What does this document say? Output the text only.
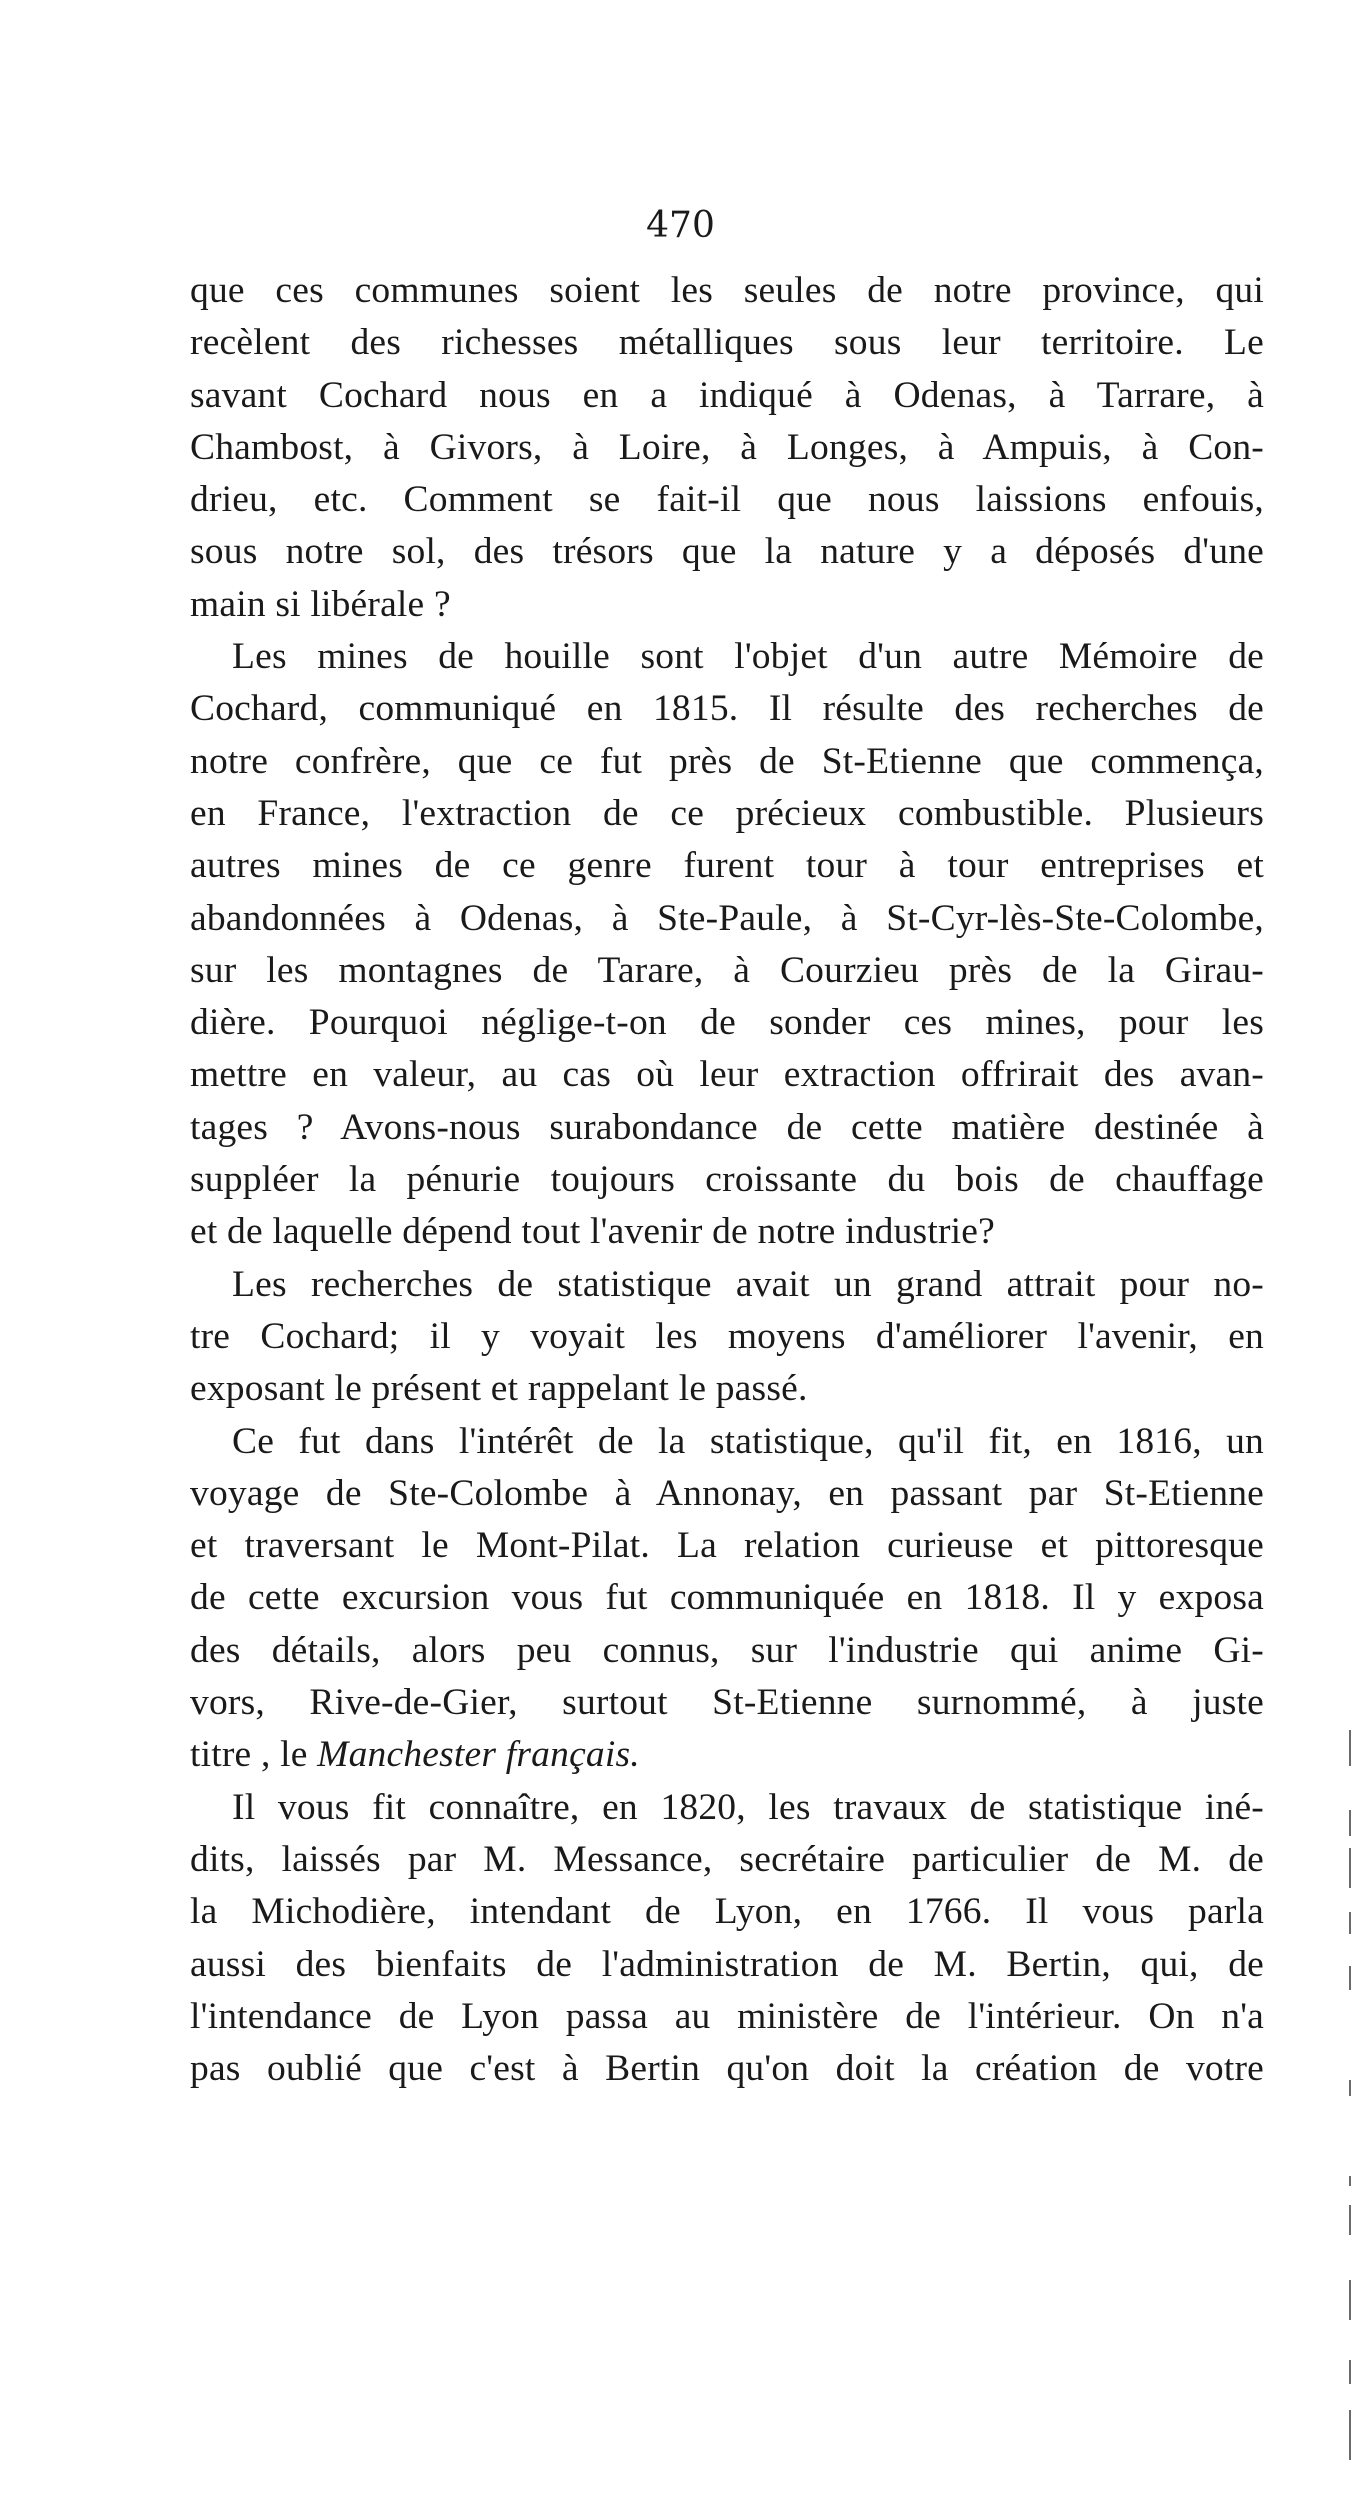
470
que ces communes soient les seules de notre province, qui
recèlent des richesses métalliques sous leur territoire. Le
savant Cochard nous en a indiqué à Odenas, à Tarrare, à
Chambost, à Givors, à Loire, à Longes, à Ampuis, à Con-
drieu, etc. Comment se fait-il que nous laissions enfouis,
sous notre sol, des trésors que la nature y a déposés d'une
main si libérale ?
Les mines de houille sont l'objet d'un autre Mémoire de
Cochard, communiqué en 1815. Il résulte des recherches de
notre confrère, que ce fut près de St-Etienne que commença,
en France, l'extraction de ce précieux combustible. Plusieurs
autres mines de ce genre furent tour à tour entreprises et
abandonnées à Odenas, à Ste-Paule, à St-Cyr-lès-Ste-Colombe,
sur les montagnes de Tarare, à Courzieu près de la Girau-
dière. Pourquoi néglige-t-on de sonder ces mines, pour les
mettre en valeur, au cas où leur extraction offrirait des avan-
tages ? Avons-nous surabondance de cette matière destinée à
suppléer la pénurie toujours croissante du bois de chauffage
et de laquelle dépend tout l'avenir de notre industrie?
Les recherches de statistique avait un grand attrait pour no-
tre Cochard; il y voyait les moyens d'améliorer l'avenir, en
exposant le présent et rappelant le passé.
Ce fut dans l'intérêt de la statistique, qu'il fit, en 1816, un
voyage de Ste-Colombe à Annonay, en passant par St-Etienne
et traversant le Mont-Pilat. La relation curieuse et pittoresque
de cette excursion vous fut communiquée en 1818. Il y exposa
des détails, alors peu connus, sur l'industrie qui anime Gi-
vors, Rive-de-Gier, surtout St-Etienne surnommé, à juste
titre , le Manchester français.
Il vous fit connaître, en 1820, les travaux de statistique iné-
dits, laissés par M. Messance, secrétaire particulier de M. de
la Michodière, intendant de Lyon, en 1766. Il vous parla
aussi des bienfaits de l'administration de M. Bertin, qui, de
l'intendance de Lyon passa au ministère de l'intérieur. On n'a
pas oublié que c'est à Bertin qu'on doit la création de votre
